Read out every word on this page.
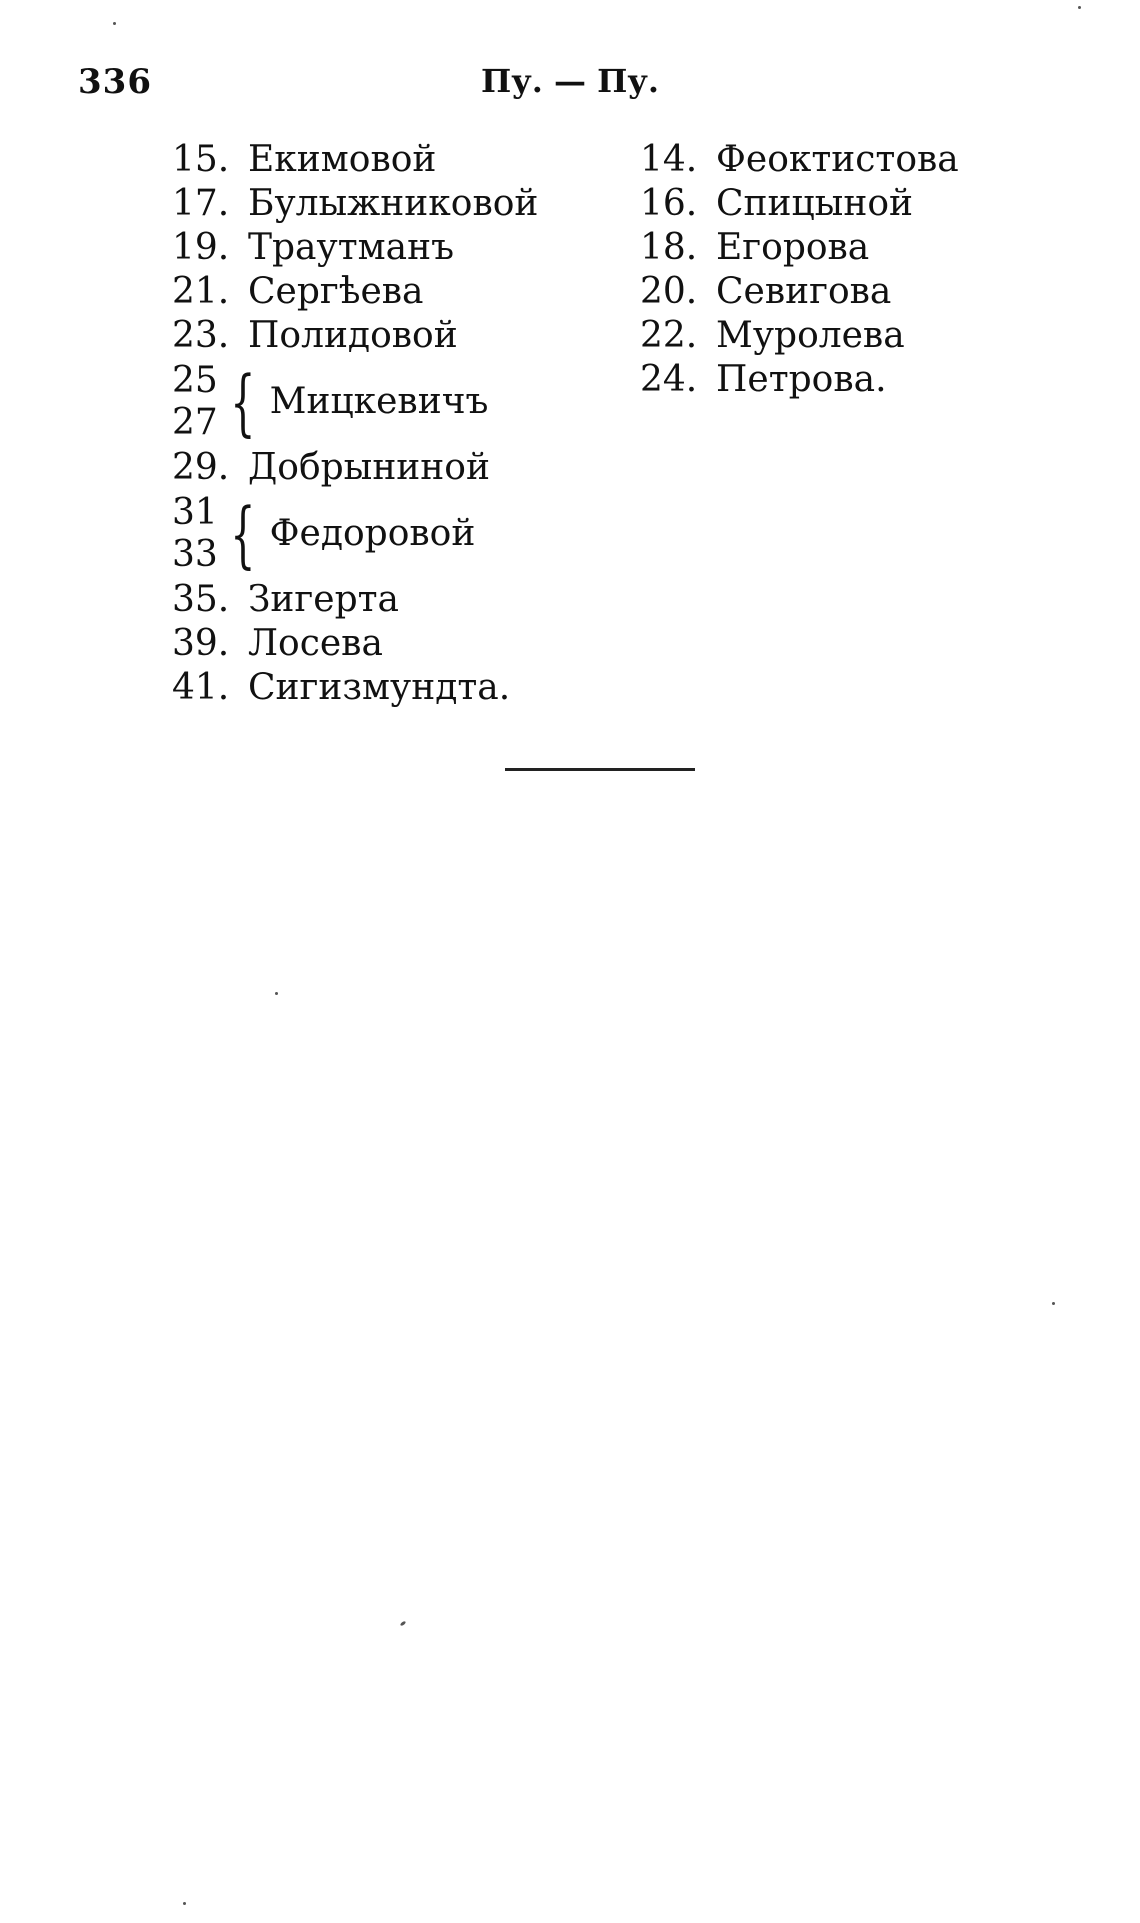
336	Пу. — Пу.
15. Екимовой
17. Булыжниковой
19. Траутманъ
21. Сергѣева
23. Полидовой
25
27 { Мицкевичъ
29. Добрыниной
31
33 { Федоровой
35. Зигерта
39. Лосева
41. Сигизмундта.
14. Феоктистова
16. Спицыной
18. Егорова
20. Севигова
22. Муролева
24. Петрова.
